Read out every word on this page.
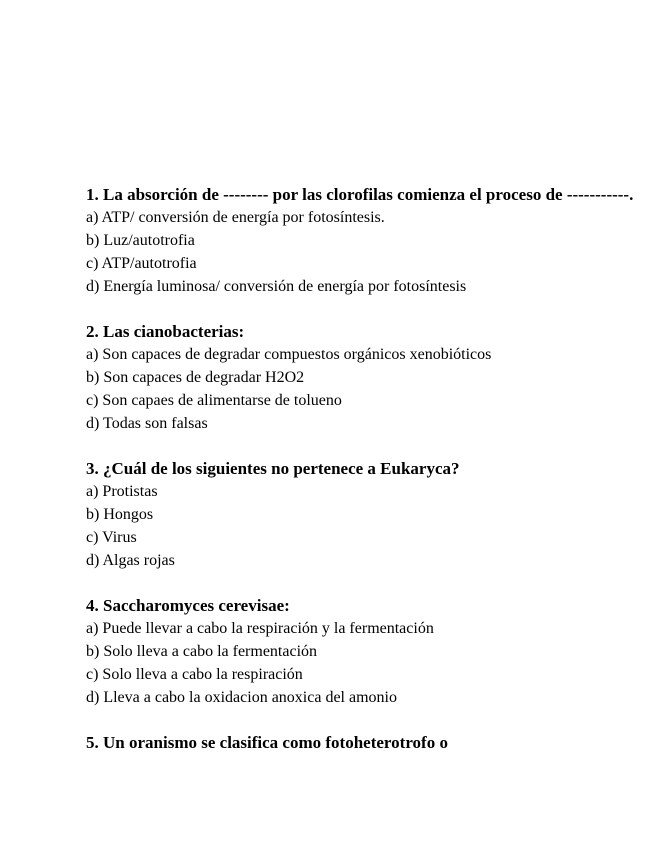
1. La absorción de -------- por las clorofilas comienza el proceso de -----------.

a) ATP/ conversión de energía por fotosíntesis.

b) Luz/autotrofia

c) ATP/autotrofia

d) Energía luminosa/ conversión de energía por fotosíntesis

2. Las cianobacterias:

a) Son capaces de degradar compuestos orgánicos xenobióticos

b) Son capaces de degradar H2O2

c) Son capaes de alimentarse de tolueno

d) Todas son falsas

3. ¿Cuál de los siguientes no pertenece a Eukaryca?

a) Protistas

b) Hongos

c) Virus

d) Algas rojas

4. Saccharomyces cerevisae:

a) Puede llevar a cabo la respiración y la fermentación

b) Solo lleva a cabo la fermentación

c) Solo lleva a cabo la respiración

d) Lleva a cabo la oxidacion anoxica del amonio

5. Un oranismo se clasifica como fotoheterotrofo o
